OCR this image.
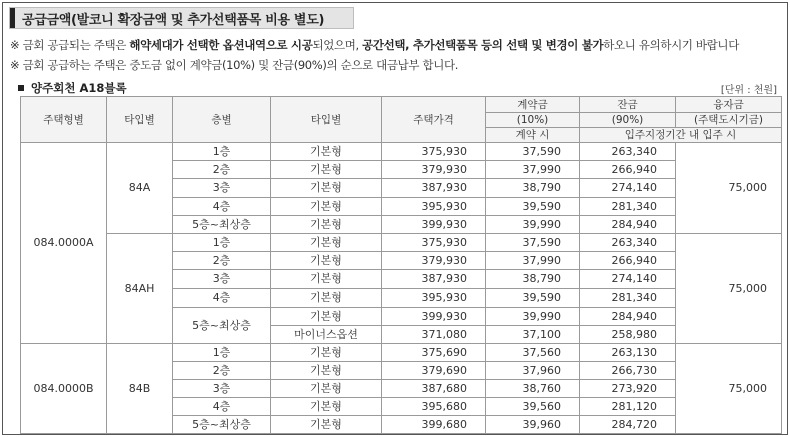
공급금액(발코니 확장금액 및 추가선택품목 비용 별도)
※ 금회 공급되는 주택은 해약세대가 선택한 옵션내역으로 시공되었으며, 공간선택, 추가선택품목 등의 선택 및 변경이 불가하오니 유의하시기 바랍니다
※ 금회 공급하는 주택은 중도금 없이 계약금(10%) 및 잔금(90%)의 순으로 대금납부 합니다.
양주회천 A18블록	[단위 : 천원]
주택형별	타입별	층별	타입별	주택가격	계약금	잔금	융자금
					(10%)	(90%)	(주택도시기금)
					계약 시	입주지정기간 내 입주 시	
084.0000A	84A	1층	기본형	375,930	37,590	263,340	75,000
		2층	기본형	379,930	37,990	266,940	
		3층	기본형	387,930	38,790	274,140	
		4층	기본형	395,930	39,590	281,340	
		5층~최상층	기본형	399,930	39,990	284,940	
	84AH	1층	기본형	375,930	37,590	263,340	75,000
		2층	기본형	379,930	37,990	266,940	
		3층	기본형	387,930	38,790	274,140	
		4층	기본형	395,930	39,590	281,340	
		5층~최상층	기본형	399,930	39,990	284,940	
			마이너스옵션	371,080	37,100	258,980	
084.0000B	84B	1층	기본형	375,690	37,560	263,130	75,000
		2층	기본형	379,690	37,960	266,730	
		3층	기본형	387,680	38,760	273,920	
		4층	기본형	395,680	39,560	281,120	
		5층~최상층	기본형	399,680	39,960	284,720	
